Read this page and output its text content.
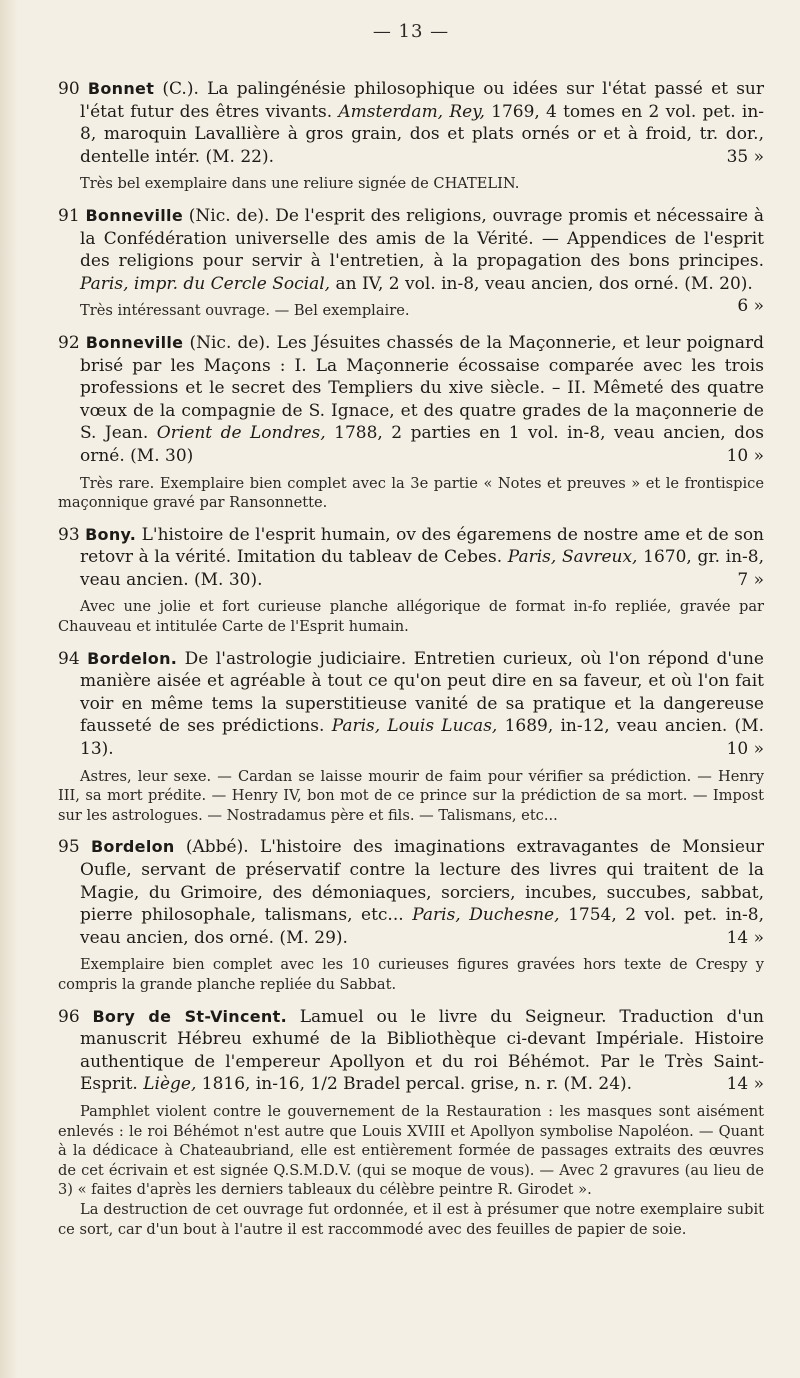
— 13 —
90 Bonnet (C.). La palingénésie philosophique ou idées sur l'état passé et sur l'état futur des êtres vivants. Amsterdam, Rey, 1769, 4 tomes en 2 vol. pet. in-8, maroquin Lavallière à gros grain, dos et plats ornés or et à froid, tr. dor., dentelle intér. (M. 22).	35 »
Très bel exemplaire dans une reliure signée de CHATELIN.
91 Bonneville (Nic. de). De l'esprit des religions, ouvrage promis et nécessaire à la Confédération universelle des amis de la Vérité. — Appendices de l'esprit des religions pour servir à l'entretien, à la propagation des bons principes. Paris, impr. du Cercle Social, an IV, 2 vol. in-8, veau ancien, dos orné. (M. 20).
6 »
Très intéressant ouvrage. — Bel exemplaire.
92 Bonneville (Nic. de). Les Jésuites chassés de la Maçonnerie, et leur poignard brisé par les Maçons : I. La Maçonnerie écossaise comparée avec les trois professions et le secret des Templiers du xive siècle. – II. Mêmeté des quatre vœux de la compagnie de S. Ignace, et des quatre grades de la maçonnerie de S. Jean. Orient de Londres, 1788, 2 parties en 1 vol. in-8, veau ancien, dos orné. (M. 30)	10 »
Très rare. Exemplaire bien complet avec la 3e partie « Notes et preuves » et le frontispice maçonnique gravé par Ransonnette.
93 Bony. L'histoire de l'esprit humain, ov des égaremens de nostre ame et de son retovr à la vérité. Imitation du tableav de Cebes. Paris, Savreux, 1670, gr. in-8, veau ancien. (M. 30).	7 »
Avec une jolie et fort curieuse planche allégorique de format in-fo repliée, gravée par Chauveau et intitulée Carte de l'Esprit humain.
94 Bordelon. De l'astrologie judiciaire. Entretien curieux, où l'on répond d'une manière aisée et agréable à tout ce qu'on peut dire en sa faveur, et où l'on fait voir en même tems la superstitieuse vanité de sa pratique et la dangereuse fausseté de ses prédictions. Paris, Louis Lucas, 1689, in-12, veau ancien. (M. 13).	10 »
Astres, leur sexe. — Cardan se laisse mourir de faim pour vérifier sa prédiction. — Henry III, sa mort prédite. — Henry IV, bon mot de ce prince sur la prédiction de sa mort. — Impost sur les astrologues. — Nostradamus père et fils. — Talismans, etc...
95 Bordelon (Abbé). L'histoire des imaginations extravagantes de Monsieur Oufle, servant de préservatif contre la lecture des livres qui traitent de la Magie, du Grimoire, des démoniaques, sorciers, incubes, succubes, sabbat, pierre philosophale, talismans, etc... Paris, Duchesne, 1754, 2 vol. pet. in-8, veau ancien, dos orné. (M. 29).	14 »
Exemplaire bien complet avec les 10 curieuses figures gravées hors texte de Crespy y compris la grande planche repliée du Sabbat.
96 Bory de St-Vincent. Lamuel ou le livre du Seigneur. Traduction d'un manuscrit Hébreu exhumé de la Bibliothèque ci-devant Impériale. Histoire authentique de l'empereur Apollyon et du roi Béhémot. Par le Très Saint-Esprit. Liège, 1816, in-16, 1/2 Bradel percal. grise, n. r. (M. 24).	14 »
Pamphlet violent contre le gouvernement de la Restauration : les masques sont aisément enlevés : le roi Béhémot n'est autre que Louis XVIII et Apollyon symbolise Napoléon. — Quant à la dédicace à Chateaubriand, elle est entièrement formée de passages extraits des œuvres de cet écrivain et est signée Q.S.M.D.V. (qui se moque de vous). — Avec 2 gravures (au lieu de 3) « faites d'après les derniers tableaux du célèbre peintre R. Girodet ».
La destruction de cet ouvrage fut ordonnée, et il est à présumer que notre exemplaire subit ce sort, car d'un bout à l'autre il est raccommodé avec des feuilles de papier de soie.
